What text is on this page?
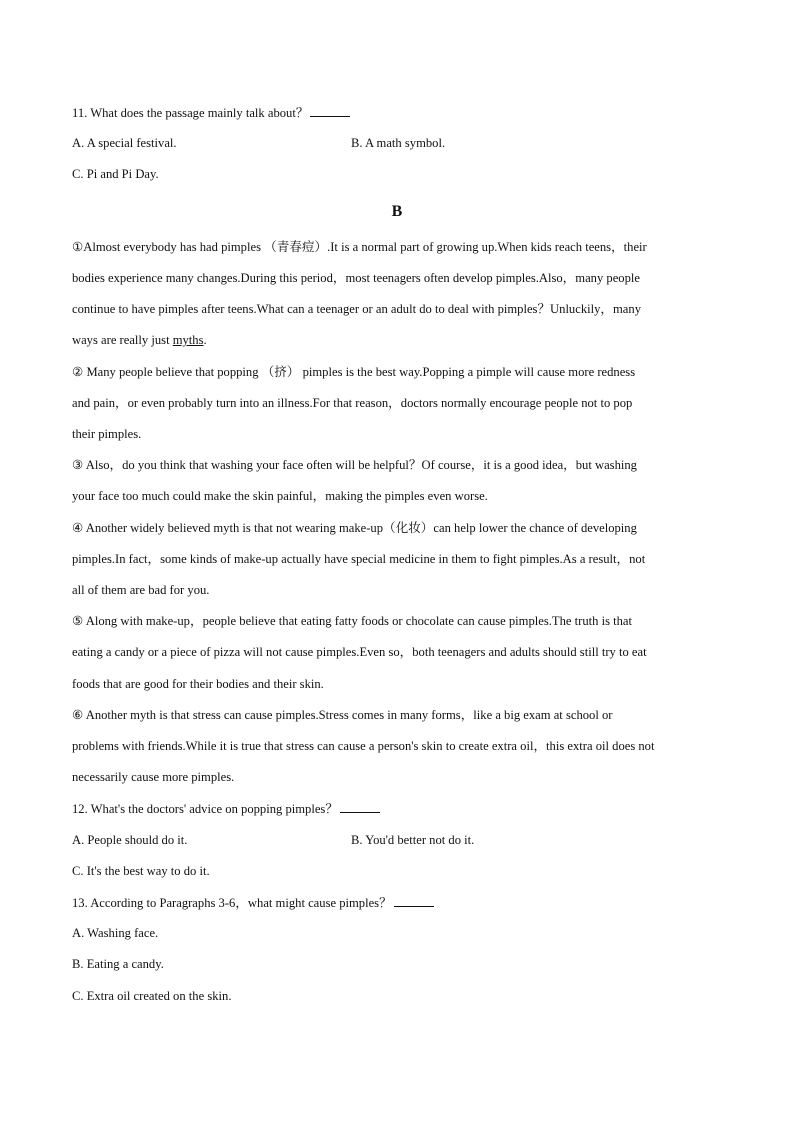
11. What does the passage mainly talk about？
A. A special festival.	B. A math symbol.
C. Pi and Pi Day.
B
①Almost everybody has had pimples （青春痘）.It is a normal part of growing up.When kids reach teens，their
bodies experience many changes.During this period，most teenagers often develop pimples.Also，many people
continue to have pimples after teens.What can a teenager or an adult do to deal with pimples？Unluckily，many
ways are really just myths.
② Many people believe that popping （挤） pimples is the best way.Popping a pimple will cause more redness
and pain，or even probably turn into an illness.For that reason，doctors normally encourage people not to pop
their pimples.
③ Also，do you think that washing your face often will be helpful？Of course，it is a good idea，but washing
your face too much could make the skin painful，making the pimples even worse.
④ Another widely believed myth is that not wearing make-up（化妆）can help lower the chance of developing
pimples.In fact，some kinds of make-up actually have special medicine in them to fight pimples.As a result，not
all of them are bad for you.
⑤ Along with make-up，people believe that eating fatty foods or chocolate can cause pimples.The truth is that
eating a candy or a piece of pizza will not cause pimples.Even so，both teenagers and adults should still try to eat
foods that are good for their bodies and their skin.
⑥ Another myth is that stress can cause pimples.Stress comes in many forms，like a big exam at school or
problems with friends.While it is true that stress can cause a person's skin to create extra oil，this extra oil does not
necessarily cause more pimples.
12. What's the doctors' advice on popping pimples？
A. People should do it.	B. You'd better not do it.
C. It's the best way to do it.
13. According to Paragraphs 3-6，what might cause pimples？
A. Washing face.
B. Eating a candy.
C. Extra oil created on the skin.
